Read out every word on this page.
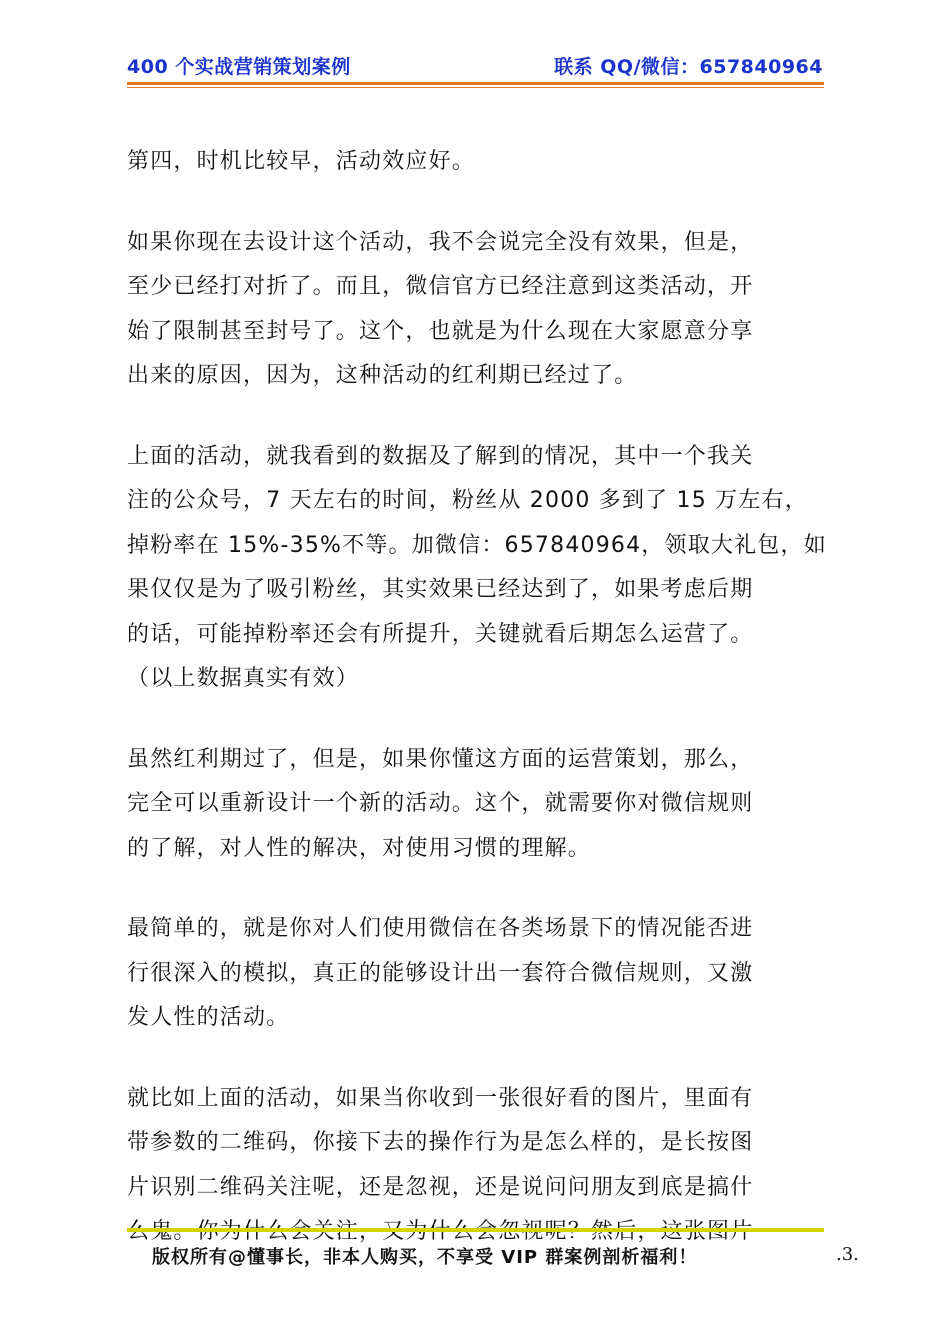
400 个实战营销策划案例	联系 QQ/微信：657840964

第四，时机比较早，活动效应好。

如果你现在去设计这个活动，我不会说完全没有效果，但是，
至少已经打对折了。而且，微信官方已经注意到这类活动，开
始了限制甚至封号了。这个，也就是为什么现在大家愿意分享
出来的原因，因为，这种活动的红利期已经过了。

上面的活动，就我看到的数据及了解到的情况，其中一个我关
注的公众号，7 天左右的时间，粉丝从 2000 多到了 15 万左右，
掉粉率在 15%-35%不等。加微信：657840964，领取大礼包，如
果仅仅是为了吸引粉丝，其实效果已经达到了，如果考虑后期
的话，可能掉粉率还会有所提升，关键就看后期怎么运营了。
（以上数据真实有效）

虽然红利期过了，但是，如果你懂这方面的运营策划，那么，
完全可以重新设计一个新的活动。这个，就需要你对微信规则
的了解，对人性的解决，对使用习惯的理解。

最简单的，就是你对人们使用微信在各类场景下的情况能否进
行很深入的模拟，真正的能够设计出一套符合微信规则，又激
发人性的活动。

就比如上面的活动，如果当你收到一张很好看的图片，里面有
带参数的二维码，你接下去的操作行为是怎么样的，是长按图
片识别二维码关注呢，还是忽视，还是说问问朋友到底是搞什

版权所有@懂事长，非本人购买，不享受 VIP 群案例剖析福利！	.3.
